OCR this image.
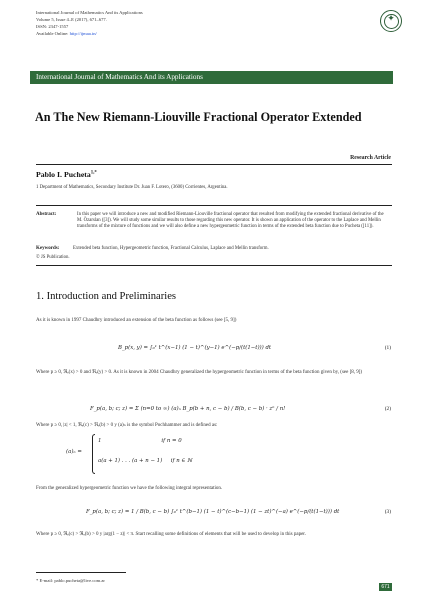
International Journal of Mathematics And its Applications
Volume 5, Issue 4–E (2017), 671–677.
ISSN: 2347-1557
Available Online: http://ijmaa.in/
✦
International Journal of Mathematics And its Applications
An The New Riemann-Liouville Fractional Operator Extended
Research Article
Pablo I. Pucheta$^{1,*}$
1 Department of Mathematics, Secondary Institute Dr. Juan F. Lotero, (3600) Corrientes, Argentina.
Abstract:	In this paper we will introduce a new and modified Riemann-Liouville fractional operator that resulted from modifying the extended fractional derivative of the M. Özarslan ([3]). We will study some similar results to those regarding this new operator. It is shown an application of the operator to the Laplace and Mellin transforms of the mixture of functions and we will also define a new hypergeometric function in terms of the extended beta function due to Pucheta ([11]).
Keywords:	Extended beta function, Hypergeometric function, Fractional Calculus, Laplace and Mellin transform.
© JS Publication.
1. Introduction and Preliminaries
As it is known in 1997 Chaudhry introduced an extension of the beta function as follows (see [5, 9])
B_p(x, y) = ∫₀¹ t^(x−1) (1 − t)^(y−1) e^(−p/(t(1−t))) dt	(1)
Where p ≥ 0, ℜₑ(x) > 0 and ℜₑ(y) > 0. As it is known in 2004 Chaudhry generalized the hypergeometric function in terms of the beta function given by, (see [8, 9])
F_p(a, b; c; z) = Σ (n=0 to ∞) (a)ₙ B_p(b + n, c − b) / B(b, c − b) · zⁿ / n!	(2)
Where p ≥ 0, |z| < 1, ℜₑ(c) > ℜₑ(b) > 0 y (a)ₙ is the symbol Pochhammer and is defined as:
(a)ₙ =
1                                   if n = 0
a(a + 1) . . . (a + n − 1)     if n ∈ ℕ
From the generalized hypergeometric function we have the following integral representation.
F_p(a, b; c; z) = 1 / B(b, c − b) ∫₀¹ t^(b−1) (1 − t)^(c−b−1) (1 − zt)^(−a) e^(−p/(t(1−t))) dt	(3)
Where p ≥ 0, ℜₑ(c) > ℜₑ(b) > 0 y |arg(1 − z)| < π. Start recalling some definitions of elements that will be used to develop in this paper.
* E-mail: pablo.pucheta@live.com.ar
671
